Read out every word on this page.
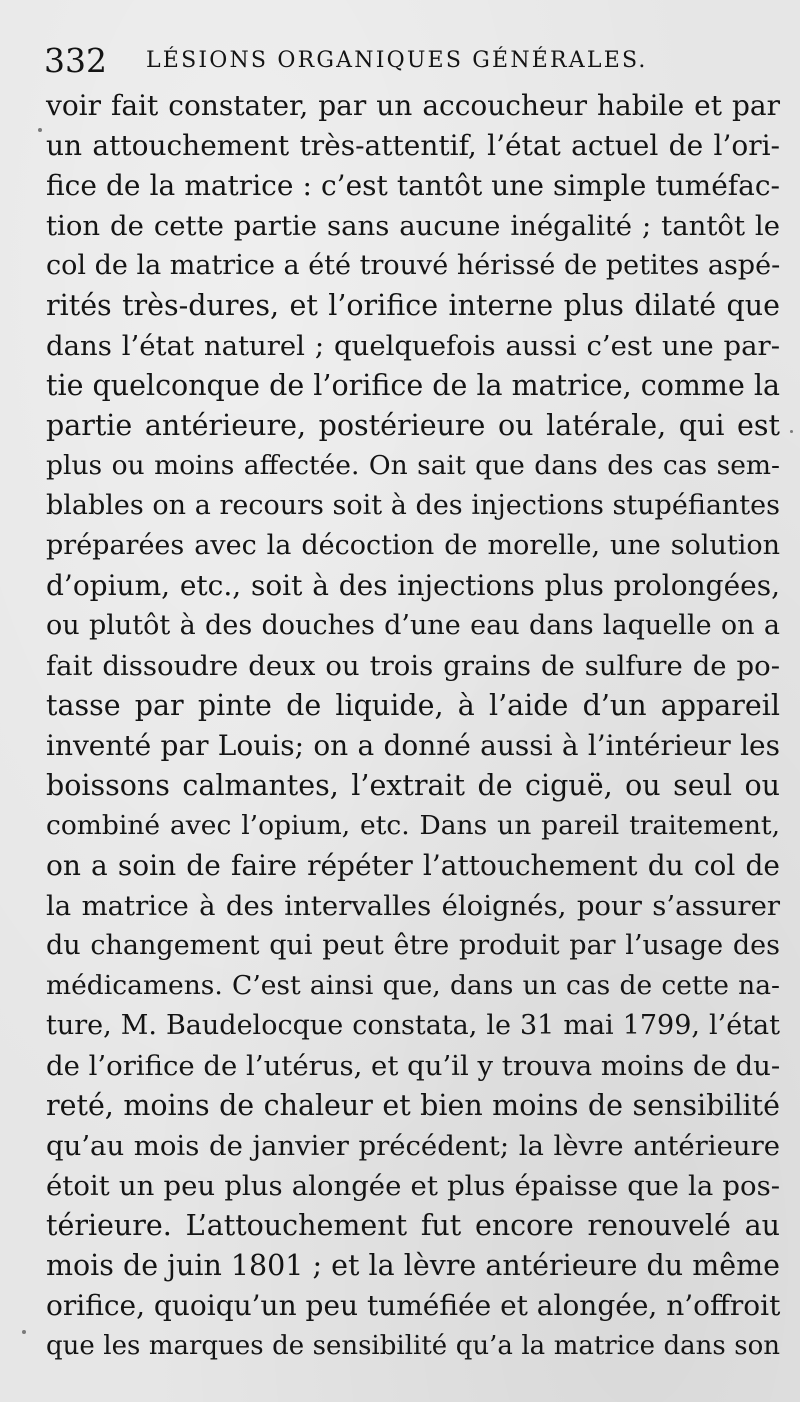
332 LÉSIONS ORGANIQUES GÉNÉRALES.
voir fait constater, par un accoucheur habile et par
un attouchement très-attentif, l’état actuel de l’ori-
fice de la matrice : c’est tantôt une simple tuméfac-
tion de cette partie sans aucune inégalité ; tantôt le
col de la matrice a été trouvé hérissé de petites aspé-
rités très-dures, et l’orifice interne plus dilaté que
dans l’état naturel ; quelquefois aussi c’est une par-
tie quelconque de l’orifice de la matrice, comme la
partie antérieure, postérieure ou latérale, qui est
plus ou moins affectée. On sait que dans des cas sem-
blables on a recours soit à des injections stupéfiantes
préparées avec la décoction de morelle, une solution
d’opium, etc., soit à des injections plus prolongées,
ou plutôt à des douches d’une eau dans laquelle on a
fait dissoudre deux ou trois grains de sulfure de po-
tasse par pinte de liquide, à l’aide d’un appareil
inventé par Louis; on a donné aussi à l’intérieur les
boissons calmantes, l’extrait de ciguë, ou seul ou
combiné avec l’opium, etc. Dans un pareil traitement,
on a soin de faire répéter l’attouchement du col de
la matrice à des intervalles éloignés, pour s’assurer
du changement qui peut être produit par l’usage des
médicamens. C’est ainsi que, dans un cas de cette na-
ture, M. Baudelocque constata, le 31 mai 1799, l’état
de l’orifice de l’utérus, et qu’il y trouva moins de du-
reté, moins de chaleur et bien moins de sensibilité
qu’au mois de janvier précédent; la lèvre antérieure
étoit un peu plus alongée et plus épaisse que la pos-
térieure. L’attouchement fut encore renouvelé au
mois de juin 1801 ; et la lèvre antérieure du même
orifice, quoiqu’un peu tuméfiée et alongée, n’offroit
que les marques de sensibilité qu’a la matrice dans son
